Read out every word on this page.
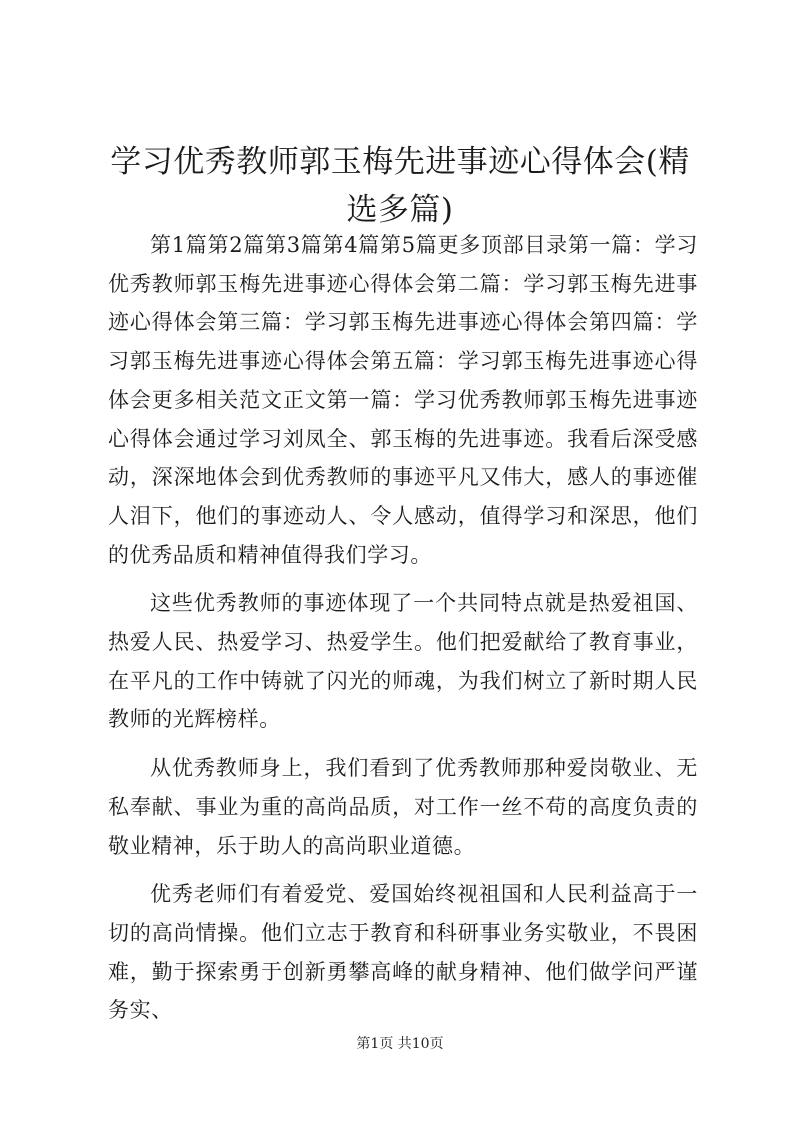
学习优秀教师郭玉梅先进事迹心得体会(精选多篇)

第1篇第2篇第3篇第4篇第5篇更多顶部目录第一篇：学习优秀教师郭玉梅先进事迹心得体会第二篇：学习郭玉梅先进事迹心得体会第三篇：学习郭玉梅先进事迹心得体会第四篇：学习郭玉梅先进事迹心得体会第五篇：学习郭玉梅先进事迹心得体会更多相关范文正文第一篇：学习优秀教师郭玉梅先进事迹心得体会通过学习刘凤全、郭玉梅的先进事迹。我看后深受感动，深深地体会到优秀教师的事迹平凡又伟大，感人的事迹催人泪下，他们的事迹动人、令人感动，值得学习和深思，他们的优秀品质和精神值得我们学习。

这些优秀教师的事迹体现了一个共同特点就是热爱祖国、热爱人民、热爱学习、热爱学生。他们把爱献给了教育事业，在平凡的工作中铸就了闪光的师魂，为我们树立了新时期人民教师的光辉榜样。

从优秀教师身上，我们看到了优秀教师那种爱岗敬业、无私奉献、事业为重的高尚品质，对工作一丝不苟的高度负责的敬业精神，乐于助人的高尚职业道德。

优秀老师们有着爱党、爱国始终视祖国和人民利益高于一切的高尚情操。他们立志于教育和科研事业务实敬业，不畏困难，勤于探索勇于创新勇攀高峰的献身精神、他们做学问严谨务实、

第1页 共10页
